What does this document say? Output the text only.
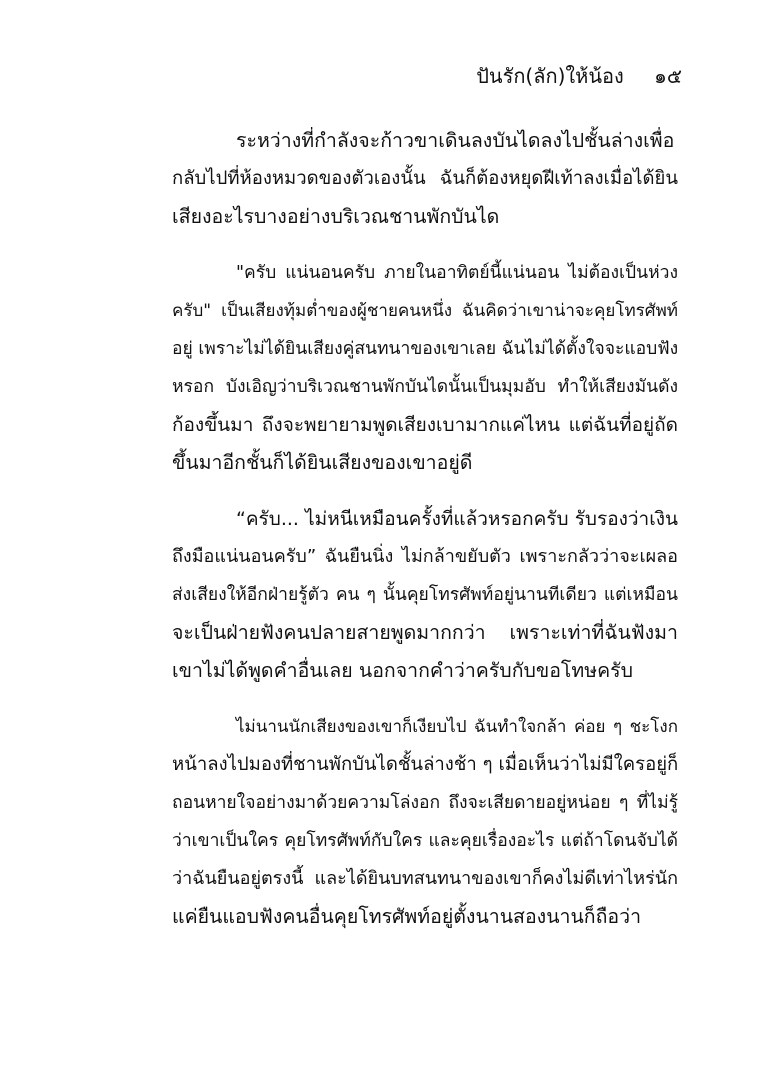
ปันรัก(ลัก)ให้น้อง ๑๕
ระหว่างที่กำลังจะก้าวขาเดินลงบันไดลงไปชั้นล่างเพื่อ
กลับไปที่ห้องหมวดของตัวเองนั้น ฉันก็ต้องหยุดฝีเท้าลงเมื่อได้ยิน
เสียงอะไรบางอย่างบริเวณชานพักบันได
"ครับ แน่นอนครับ ภายในอาทิตย์นี้แน่นอน ไม่ต้องเป็นห่วง
ครับ" เป็นเสียงทุ้มต่ำของผู้ชายคนหนึ่ง ฉันคิดว่าเขาน่าจะคุยโทรศัพท์
อยู่ เพราะไม่ได้ยินเสียงคู่สนทนาของเขาเลย ฉันไม่ได้ตั้งใจจะแอบฟัง
หรอก บังเอิญว่าบริเวณชานพักบันไดนั้นเป็นมุมอับ ทำให้เสียงมันดัง
ก้องขึ้นมา ถึงจะพยายามพูดเสียงเบามากแค่ไหน แต่ฉันที่อยู่ถัด
ขึ้นมาอีกชั้นก็ได้ยินเสียงของเขาอยู่ดี
“ครับ... ไม่หนีเหมือนครั้งที่แล้วหรอกครับ รับรองว่าเงิน
ถึงมือแน่นอนครับ” ฉันยืนนิ่ง ไม่กล้าขยับตัว เพราะกลัวว่าจะเผลอ
ส่งเสียงให้อีกฝ่ายรู้ตัว คน ๆ นั้นคุยโทรศัพท์อยู่นานทีเดียว แต่เหมือน
จะเป็นฝ่ายฟังคนปลายสายพูดมากกว่า เพราะเท่าที่ฉันฟังมา
เขาไม่ได้พูดคำอื่นเลย นอกจากคำว่าครับกับขอโทษครับ
ไม่นานนักเสียงของเขาก็เงียบไป ฉันทำใจกล้า ค่อย ๆ ชะโงก
หน้าลงไปมองที่ชานพักบันไดชั้นล่างช้า ๆ เมื่อเห็นว่าไม่มีใครอยู่ก็
ถอนหายใจอย่างมาด้วยความโล่งอก ถึงจะเสียดายอยู่หน่อย ๆ ที่ไม่รู้
ว่าเขาเป็นใคร คุยโทรศัพท์กับใคร และคุยเรื่องอะไร แต่ถ้าโดนจับได้
ว่าฉันยืนอยู่ตรงนี้ และได้ยินบทสนทนาของเขาก็คงไม่ดีเท่าไหร่นัก
แค่ยืนแอบฟังคนอื่นคุยโทรศัพท์อยู่ตั้งนานสองนานก็ถือว่า
